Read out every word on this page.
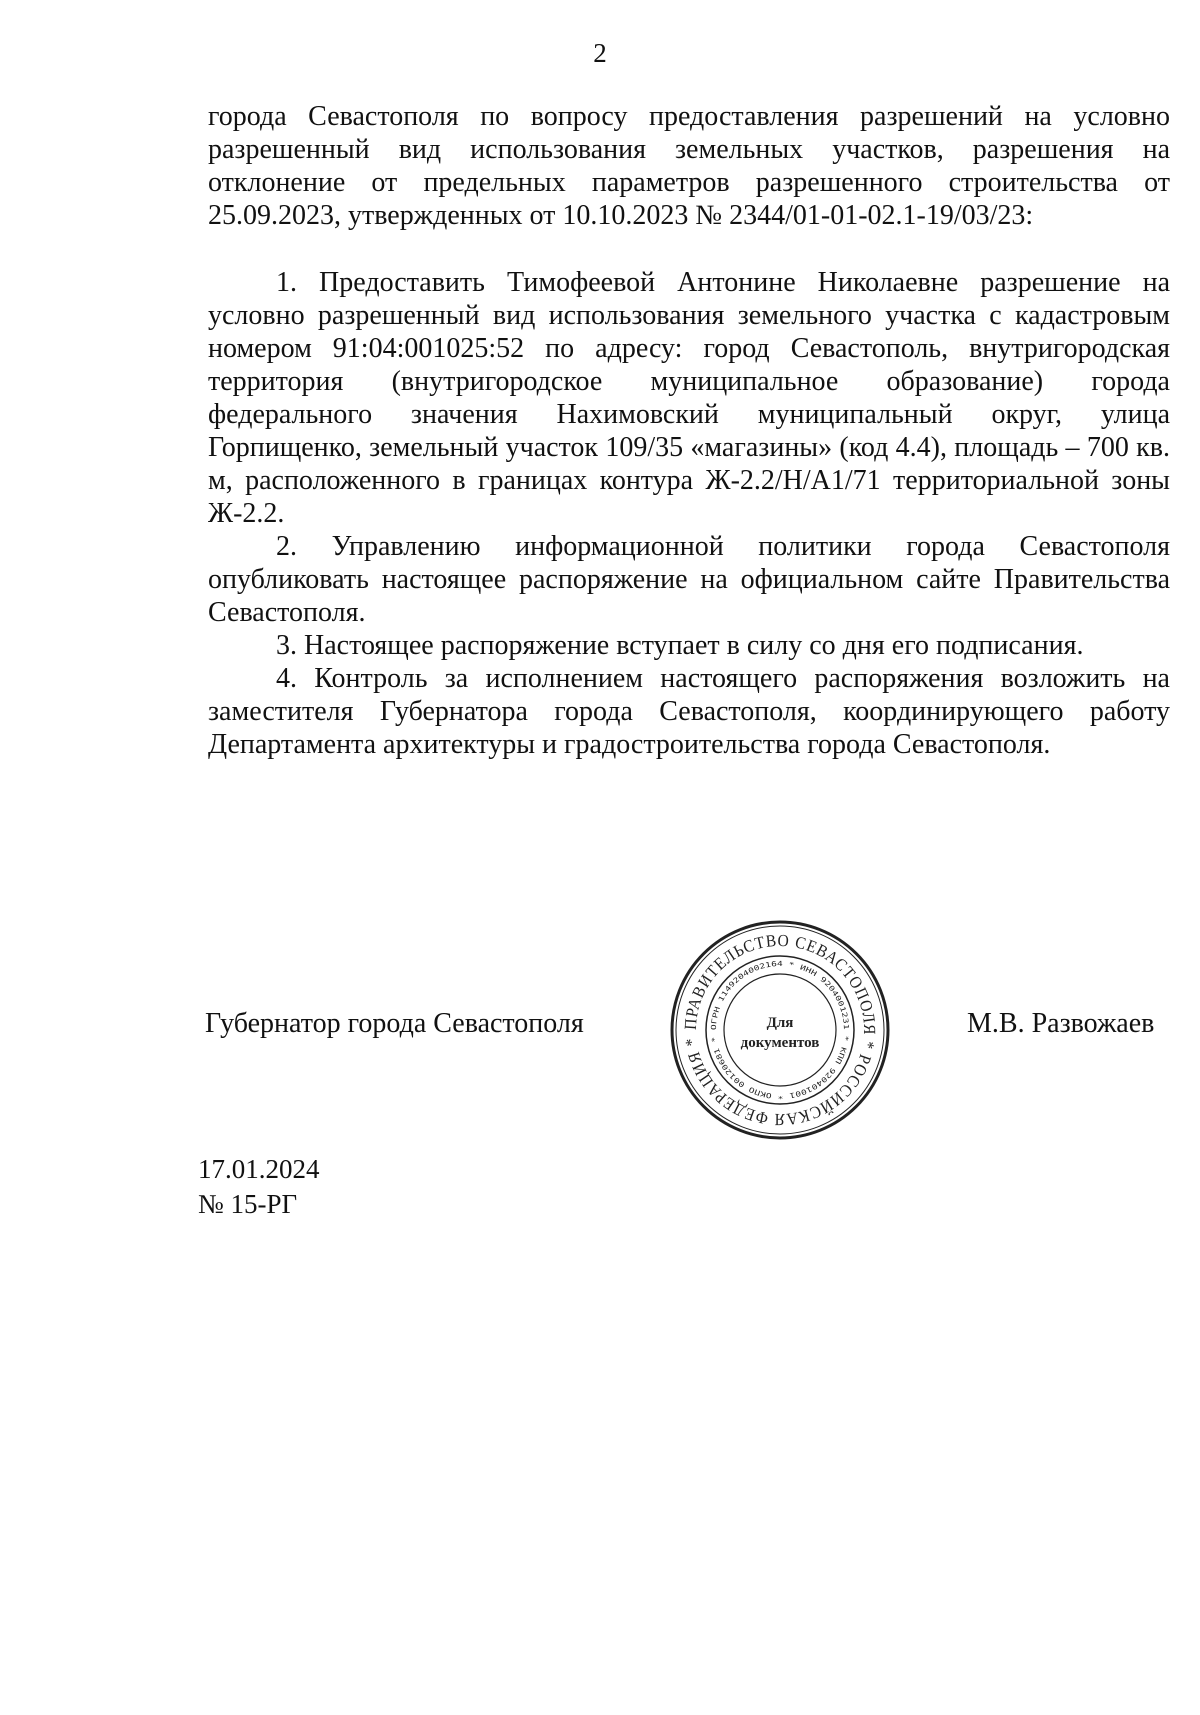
2

города Севастополя по вопросу предоставления разрешений на условно разрешенный вид использования земельных участков, разрешения на отклонение от предельных параметров разрешенного строительства от 25.09.2023, утвержденных от 10.10.2023 № 2344/01-01-02.1-19/03/23:

1. Предоставить Тимофеевой Антонине Николаевне разрешение на условно разрешенный вид использования земельного участка с кадастровым номером 91:04:001025:52 по адресу: город Севастополь, внутригородская территория (внутригородское муниципальное образование) города федерального значения Нахимовский муниципальный округ, улица Горпищенко, земельный участок 109/35 «магазины» (код 4.4), площадь – 700 кв. м, расположенного в границах контура Ж-2.2/Н/А1/71 территориальной зоны Ж-2.2.

2. Управлению информационной политики города Севастополя опубликовать настоящее распоряжение на официальном сайте Правительства Севастополя.

3. Настоящее распоряжение вступает в силу со дня его подписания.

4. Контроль за исполнением настоящего распоряжения возложить на заместителя Губернатора города Севастополя, координирующего работу Департамента архитектуры и градостроительства города Севастополя.

Губернатор города Севастополя	ПРАВИТЕЛЬСТВО СЕВАСТОПОЛЯ * РОССИЙСКАЯ ФЕДЕРАЦИЯ *
ОГРН 1149204002164 * ИНН 9204001231 * КПП 920401001 * ОКПО 00120681 *
Для
документов
М.В. Развожаев
17.01.2024
№ 15-РГ
